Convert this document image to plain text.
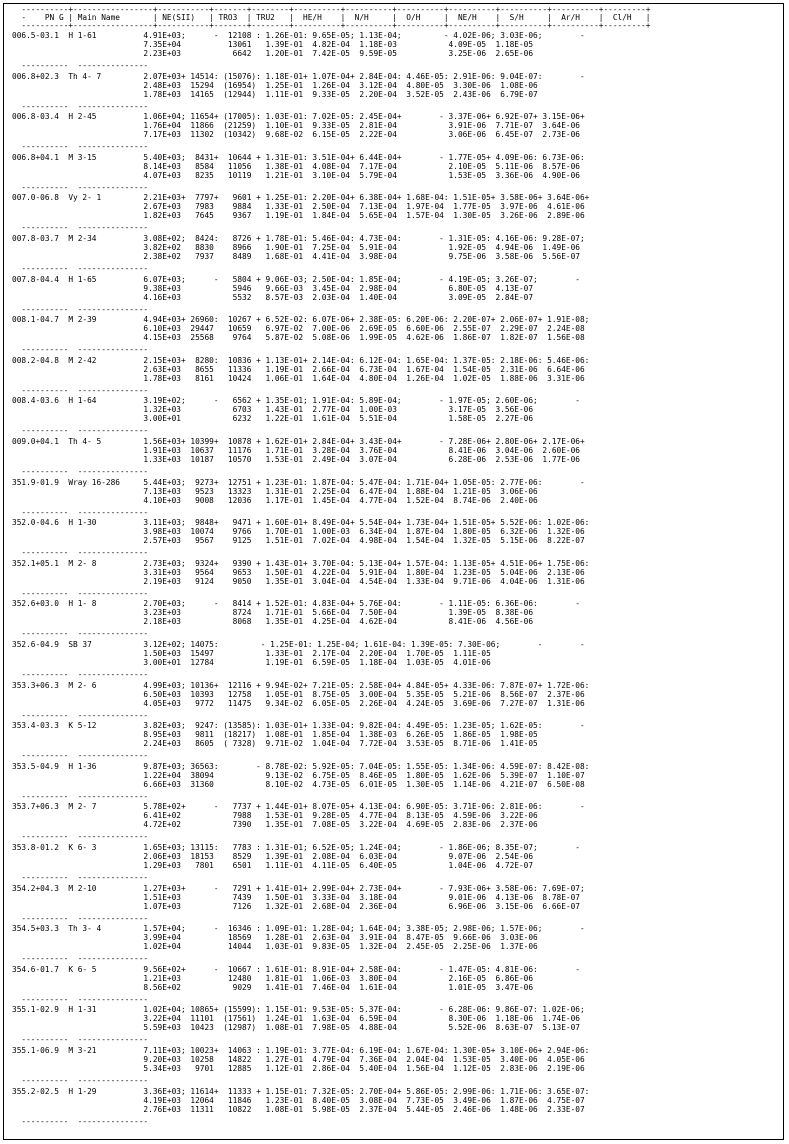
----------+-----------------+-----------+-------+--------+----------+----------+----------+----------+----------+----------+---------+
-    PN G | Main Name       | NE(SII)   | TRO3  | TRU2   |  HE/H    |  N/H     |  O/H     |  NE/H    |  S/H     |  Ar/H    |  Cl/H   |
----------+-----------------+-----------+-------+--------+----------+----------+----------+----------+----------+----------+---------+
006.5-03.1  H 1-61          4.91E+03;      -  12108 : 1.26E-01: 9.65E-05; 1.13E-04;         - 4.02E-06; 3.03E-06;        -
7.35E+04          13061   1.39E-01  4.82E-04  1.18E-03           4.09E-05  1.18E-05
2.23E+03           6642   1.20E-01  7.42E-05  9.59E-05           3.25E-06  2.65E-06
----------  ---------------
006.8+02.3  Th 4- 7         2.07E+03+ 14514: (15076): 1.18E-01+ 1.07E-04+ 2.84E-04: 4.46E-05: 2.91E-06: 9.04E-07:        -
2.48E+03  15294  (16954)  1.25E-01  1.26E-04  3.12E-04  4.80E-05  3.30E-06  1.08E-06
1.78E+03  14165  (12944)  1.11E-01  9.33E-05  2.20E-04  3.52E-05  2.43E-06  6.79E-07
----------  ---------------
006.8-03.4  H 2-45          1.06E+04; 11654+ (17005): 1.03E-01: 7.02E-05: 2.45E-04+        - 3.37E-06+ 6.92E-07+ 3.15E-06+
1.76E+04  11866  (21259)  1.10E-01  9.33E-05  2.81E-04           3.91E-06  7.71E-07  3.64E-06
7.17E+03  11302  (10342)  9.68E-02  6.15E-05  2.22E-04           3.06E-06  6.45E-07  2.73E-06
----------  ---------------
006.8+04.1  M 3-15          5.40E+03;  8431+  10644 + 1.31E-01: 3.51E-04+ 6.44E-04+        - 1.77E-05+ 4.09E-06: 6.73E-06:
8.14E+03   8584   11056   1.38E-01  4.08E-04  7.17E-04           2.10E-05  5.11E-06  8.57E-06
4.07E+03   8235   10119   1.21E-01  3.10E-04  5.79E-04           1.53E-05  3.36E-06  4.90E-06
----------  ---------------
007.0-06.8  Vy 2- 1         2.21E+03+  7797+   9601 + 1.25E-01: 2.20E-04+ 6.38E-04+ 1.68E-04: 1.51E-05+ 3.58E-06+ 3.64E-06+
2.67E+03   7983    9884   1.33E-01  2.50E-04  7.13E-04  1.97E-04  1.77E-05  3.97E-06  4.61E-06
1.82E+03   7645    9367   1.19E-01  1.84E-04  5.65E-04  1.57E-04  1.30E-05  3.26E-06  2.89E-06
----------  ---------------
007.8-03.7  M 2-34          3.08E+02;  8424:   8726 + 1.78E-01: 5.46E-04: 4.73E-04:        - 1.31E-05: 4.16E-06: 9.28E-07;
3.82E+02   8830    8966   1.90E-01  7.25E-04  5.91E-04           1.92E-05  4.94E-06  1.49E-06
2.38E+02   7937    8489   1.68E-01  4.41E-04  3.98E-04           9.75E-06  3.58E-06  5.56E-07
----------  ---------------
007.8-04.4  H 1-65          6.07E+03;      -   5804 + 9.06E-03; 2.50E-04: 1.85E-04;        - 4.19E-05; 3.26E-07;        -
9.38E+03           5946   9.66E-03  3.45E-04  2.98E-04           6.80E-05  4.13E-07
4.16E+03           5532   8.57E-03  2.03E-04  1.40E-04           3.09E-05  2.84E-07
----------  ---------------
008.1-04.7  M 2-39          4.94E+03+ 26960:  10267 + 6.52E-02: 6.07E-06+ 2.38E-05: 6.20E-06: 2.20E-07+ 2.06E-07+ 1.91E-08;
6.10E+03  29447   10659   6.97E-02  7.00E-06  2.69E-05  6.60E-06  2.55E-07  2.29E-07  2.24E-08
4.15E+03  25568    9764   5.87E-02  5.08E-06  1.99E-05  4.62E-06  1.86E-07  1.82E-07  1.56E-08
----------  ---------------
008.2-04.8  M 2-42          2.15E+03+  8280:  10836 + 1.13E-01+ 2.14E-04: 6.12E-04: 1.65E-04: 1.37E-05: 2.18E-06: 5.46E-06:
2.63E+03   8655   11336   1.19E-01  2.66E-04  6.73E-04  1.67E-04  1.54E-05  2.31E-06  6.64E-06
1.78E+03   8161   10424   1.06E-01  1.64E-04  4.80E-04  1.26E-04  1.02E-05  1.88E-06  3.31E-06
----------  ---------------
008.4-03.6  H 1-64          3.19E+02;      -   6562 + 1.35E-01; 1.91E-04: 5.89E-04;        - 1.97E-05; 2.60E-06;        -
1.32E+03           6703   1.43E-01  2.77E-04  1.00E-03           3.17E-05  3.56E-06
3.00E+01           6232   1.22E-01  1.61E-04  5.51E-04           1.58E-05  2.27E-06
----------  ---------------
009.0+04.1  Th 4- 5         1.56E+03+ 10399+  10878 + 1.62E-01+ 2.84E-04+ 3.43E-04+        - 7.28E-06+ 2.80E-06+ 2.17E-06+
1.91E+03  10637   11176   1.71E-01  3.28E-04  3.76E-04           8.41E-06  3.04E-06  2.60E-06
1.33E+03  10187   10570   1.53E-01  2.49E-04  3.07E-04           6.28E-06  2.53E-06  1.77E-06
----------  ---------------
351.9-01.9  Wray 16-286     5.44E+03;  9273+  12751 + 1.23E-01: 1.87E-04: 5.47E-04: 1.71E-04+ 1.05E-05: 2.77E-06:        -
7.13E+03   9523   13323   1.31E-01  2.25E-04  6.47E-04  1.88E-04  1.21E-05  3.06E-06
4.10E+03   9008   12036   1.17E-01  1.45E-04  4.77E-04  1.52E-04  8.74E-06  2.40E-06
----------  ---------------
352.0-04.6  H 1-30          3.11E+03;  9848+   9471 + 1.60E-01+ 8.49E-04+ 5.54E-04+ 1.73E-04+ 1.51E-05+ 5.52E-06: 1.02E-06:
3.98E+03  10074    9766   1.70E-01  1.00E-03  6.34E-04  1.87E-04  1.80E-05  6.32E-06  1.32E-06
2.57E+03   9567    9125   1.51E-01  7.02E-04  4.98E-04  1.54E-04  1.32E-05  5.15E-06  8.22E-07
----------  ---------------
352.1+05.1  M 2- 8          2.73E+03;  9324+   9390 + 1.43E-01+ 3.70E-04: 5.13E-04+ 1.57E-04: 1.13E-05+ 4.51E-06+ 1.75E-06:
3.31E+03   9564    9653   1.50E-01  4.22E-04  5.91E-04  1.80E-04  1.23E-05  5.04E-06  2.13E-06
2.19E+03   9124    9050   1.35E-01  3.04E-04  4.54E-04  1.33E-04  9.71E-06  4.04E-06  1.31E-06
----------  ---------------
352.6+03.0  H 1- 8          2.70E+03;      -   8414 + 1.52E-01: 4.83E-04+ 5.76E-04:        - 1.11E-05: 6.36E-06:        -
3.23E+03           8724   1.71E-01  5.66E-04  7.50E-04           1.39E-05  8.38E-06
2.18E+03           8068   1.35E-01  4.25E-04  4.62E-04           8.41E-06  4.56E-06
----------  ---------------
352.6-04.9  SB 37           3.12E+02; 14075:         - 1.25E-01: 1.25E-04; 1.61E-04: 1.39E-05: 7.30E-06;        -        -
1.50E+03  15497           1.33E-01  2.17E-04  2.20E-04  1.70E-05  1.11E-05
3.00E+01  12784           1.19E-01  6.59E-05  1.18E-04  1.03E-05  4.01E-06
----------  ---------------
353.3+06.3  M 2- 6          4.99E+03; 10136+  12116 + 9.94E-02+ 7.21E-05: 2.58E-04+ 4.84E-05+ 4.33E-06: 7.87E-07+ 1.72E-06:
6.50E+03  10393   12758   1.05E-01  8.75E-05  3.00E-04  5.35E-05  5.21E-06  8.56E-07  2.37E-06
4.05E+03   9772   11475   9.34E-02  6.05E-05  2.26E-04  4.24E-05  3.69E-06  7.27E-07  1.31E-06
----------  ---------------
353.4-03.3  K 5-12          3.82E+03;  9247: (13585): 1.03E-01+ 1.33E-04: 9.82E-04: 4.49E-05: 1.23E-05; 1.62E-05:        -
8.95E+03   9811  (18217)  1.08E-01  1.85E-04  1.38E-03  6.26E-05  1.86E-05  1.98E-05
2.24E+03   8605  ( 7328)  9.71E-02  1.04E-04  7.72E-04  3.53E-05  8.71E-06  1.41E-05
----------  ---------------
353.5-04.9  H 1-36          9.87E+03; 36563:        - 8.78E-02: 5.92E-05: 7.04E-05: 1.55E-05: 1.34E-06: 4.59E-07: 8.42E-08:
1.22E+04  38094           9.13E-02  6.75E-05  8.46E-05  1.80E-05  1.62E-06  5.39E-07  1.10E-07
6.66E+03  31360           8.10E-02  4.73E-05  6.01E-05  1.30E-05  1.14E-06  4.21E-07  6.50E-08
----------  ---------------
353.7+06.3  M 2- 7          5.78E+02+      -   7737 + 1.44E-01+ 8.07E-05+ 4.13E-04: 6.90E-05: 3.71E-06: 2.81E-06:        -
6.41E+02           7988   1.53E-01  9.28E-05  4.77E-04  8.13E-05  4.59E-06  3.22E-06
4.72E+02           7390   1.35E-01  7.08E-05  3.22E-04  4.69E-05  2.83E-06  2.37E-06
----------  ---------------
353.8-01.2  K 6- 3          1.65E+03; 13115:   7783 : 1.31E-01; 6.52E-05; 1.24E-04;        - 1.86E-06; 8.35E-07;        -
2.06E+03  18153    8529   1.39E-01  2.08E-04  6.03E-04           9.07E-06  2.54E-06
1.29E+03   7801    6501   1.11E-01  4.11E-05  6.40E-05           1.04E-06  4.72E-07
----------  ---------------
354.2+04.3  M 2-10          1.27E+03+      -   7291 + 1.41E-01+ 2.99E-04+ 2.73E-04+        - 7.93E-06+ 3.58E-06: 7.69E-07;
1.51E+03           7439   1.50E-01  3.33E-04  3.18E-04           9.01E-06  4.13E-06  8.78E-07
1.07E+03           7126   1.32E-01  2.68E-04  2.36E-04           6.96E-06  3.15E-06  6.66E-07
----------  ---------------
354.5+03.3  Th 3- 4         1.57E+04;      -  16346 : 1.09E-01: 1.28E-04; 1.64E-04; 3.38E-05; 2.98E-06; 1.57E-06;        -
3.99E+04          18569   1.28E-01  2.63E-04  3.91E-04  8.47E-05  9.66E-06  3.03E-06
1.02E+04          14044   1.03E-01  9.83E-05  1.32E-04  2.45E-05  2.25E-06  1.37E-06
----------  ---------------
354.6-01.7  K 6- 5          9.56E+02+      -  10667 : 1.61E-01: 8.91E-04+ 2.58E-04:        - 1.47E-05: 4.81E-06:        -
1.21E+03          12480   1.81E-01  1.06E-03  3.80E-04           2.16E-05  6.86E-06
8.56E+02           9029   1.41E-01  7.46E-04  1.61E-04           1.01E-05  3.47E-06
----------  ---------------
355.1-02.9  H 1-31          1.02E+04; 10865+ (15599): 1.15E-01: 9.53E-05: 5.37E-04:        - 6.28E-06: 9.86E-07: 1.02E-06;
3.22E+04  11101  (17561)  1.24E-01  1.63E-04  6.59E-04           8.30E-06  1.18E-06  1.74E-06
5.59E+03  10423  (12987)  1.08E-01  7.98E-05  4.88E-04           5.52E-06  8.63E-07  5.13E-07
----------  ---------------
355.1-06.9  M 3-21          7.11E+03; 10023+  14063 : 1.19E-01: 3.77E-04: 6.19E-04: 1.67E-04: 1.30E-05+ 3.10E-06+ 2.94E-06:
9.20E+03  10258   14822   1.27E-01  4.79E-04  7.36E-04  2.04E-04  1.53E-05  3.40E-06  4.05E-06
5.34E+03   9701   12885   1.12E-01  2.86E-04  5.40E-04  1.56E-04  1.12E-05  2.83E-06  2.19E-06
----------  ---------------
355.2-02.5  H 1-29          3.36E+03; 11614+  11333 + 1.15E-01: 7.32E-05: 2.70E-04+ 5.86E-05: 2.99E-06: 1.71E-06: 3.65E-07:
4.19E+03  12064   11846   1.23E-01  8.40E-05  3.08E-04  7.73E-05  3.49E-06  1.87E-06  4.75E-07
2.76E+03  11311   10822   1.08E-01  5.98E-05  2.37E-04  5.44E-05  2.46E-06  1.48E-06  2.33E-07
----------  ---------------
